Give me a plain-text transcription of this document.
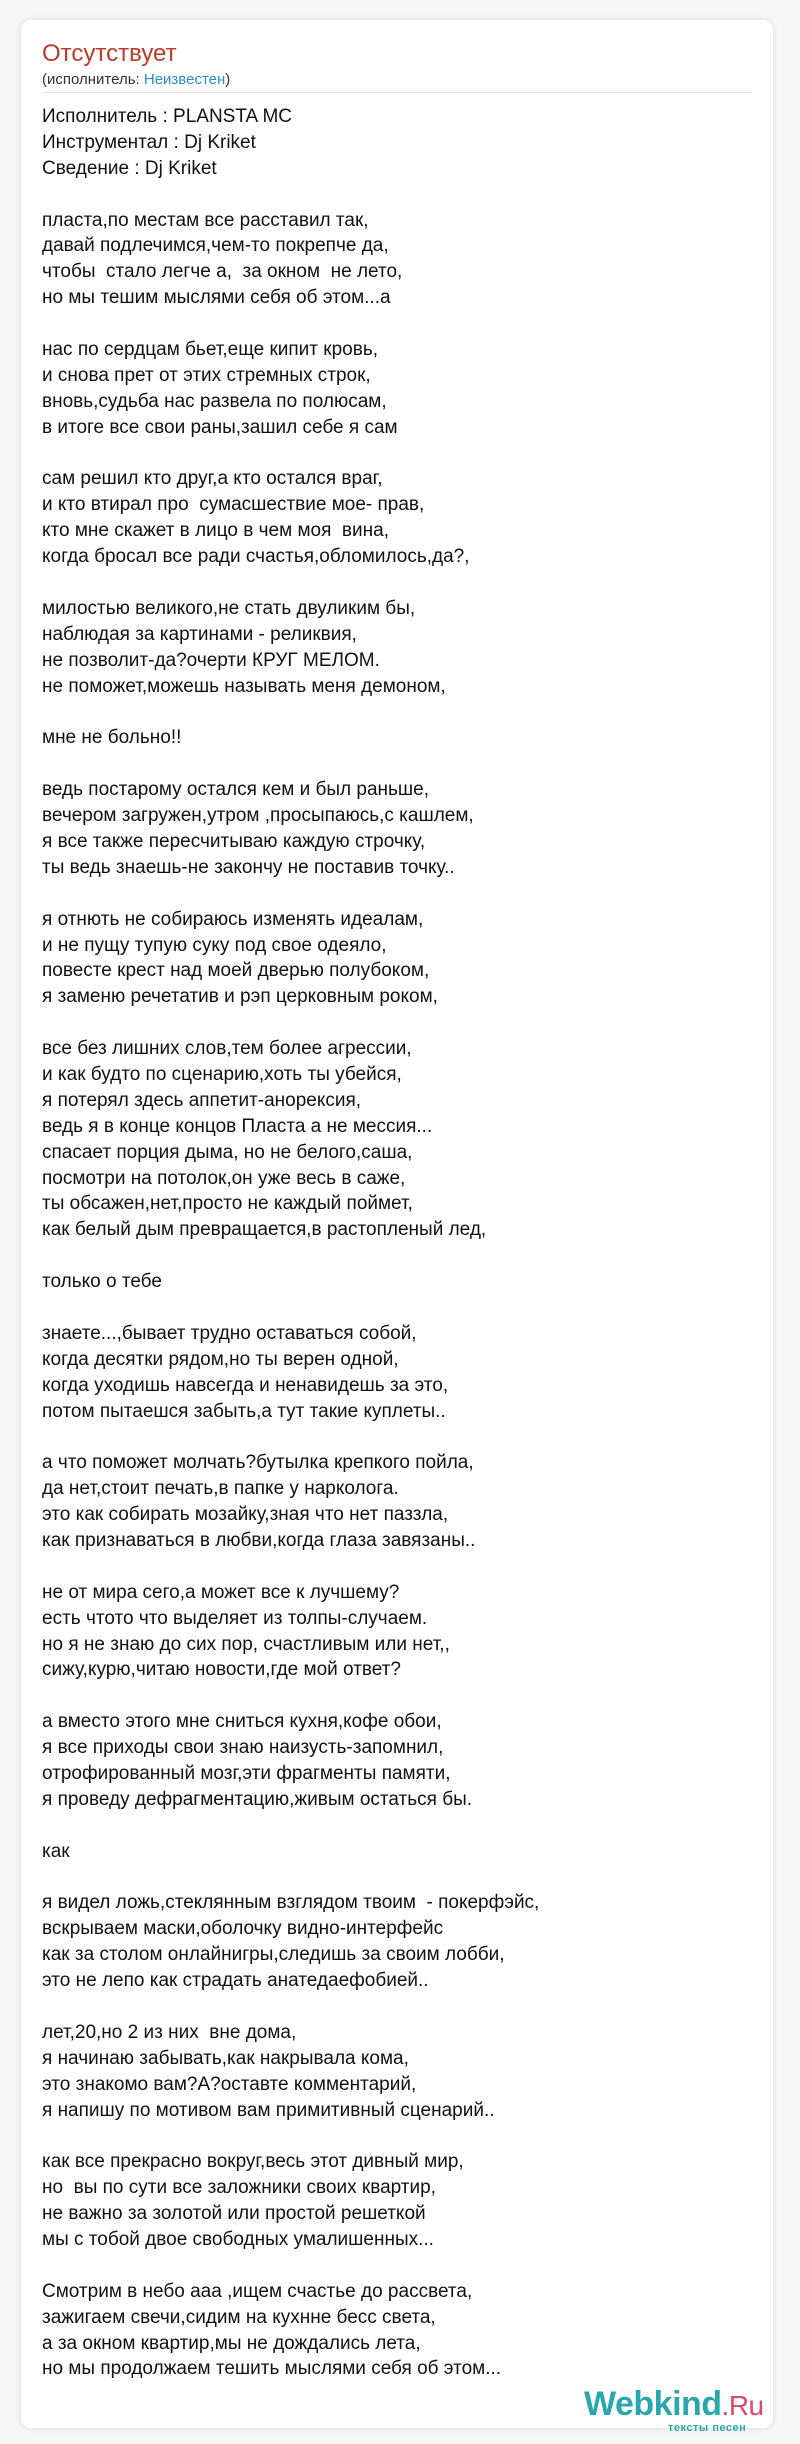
Отсутствует
(исполнитель: Неизвестен)
Исполнитель : PLANSTA MC
Инструментал : Dj Kriket
Сведение : Dj Kriket
пласта,по местам все расставил так,
давай подлечимся,чем-то покрепче да,
чтобы  стало легче а,  за окном  не лето,
но мы тешим мыслями себя об этом...а
нас по сердцам бьет,еще кипит кровь,
и снова прет от этих стремных строк,
вновь,судьба нас развела по полюсам,
в итоге все свои раны,зашил себе я сам
сам решил кто друг,а кто остался враг,
и кто втирал про  сумасшествие мое- прав,
кто мне скажет в лицо в чем моя  вина,
когда бросал все ради счастья,обломилось,да?,
милостью великого,не стать двуликим бы,
наблюдая за картинами - реликвия,
не позволит-да?очерти КРУГ МЕЛОМ.
не поможет,можешь называть меня демоном,
мне не больно!!
ведь постарому остался кем и был раньше,
вечером загружен,утром ,просыпаюсь,с кашлем,
я все также пересчитываю каждую строчку,
ты ведь знаешь-не закончу не поставив точку..
я отнють не собираюсь изменять идеалам,
и не пущу тупую суку под свое одеяло,
повесте крест над моей дверью полубоком,
я заменю речетатив и рэп церковным роком,
все без лишних слов,тем более агрессии,
и как будто по сценарию,хоть ты убейся,
я потерял здесь аппетит-анорексия,
ведь я в конце концов Пласта а не мессия...
спасает порция дыма, но не белого,саша,
посмотри на потолок,он уже весь в саже,
ты обсажен,нет,просто не каждый поймет,
как белый дым превращается,в растопленый лед,
только о тебе
знаете...,бывает трудно оставаться собой,
когда десятки рядом,но ты верен одной,
когда уходишь навсегда и ненавидешь за это,
потом пытаешся забыть,а тут такие куплеты..
а что поможет молчать?бутылка крепкого пойла,
да нет,стоит печать,в папке у нарколога.
это как собирать мозайку,зная что нет паззла,
как признаваться в любви,когда глаза завязаны..
не от мира сего,а может все к лучшему?
есть чтото что выделяет из толпы-случаем.
но я не знаю до сих пор, счастливым или нет,,
сижу,курю,читаю новости,где мой ответ?
а вместо этого мне сниться кухня,кофе обои,
я все приходы свои знаю наизусть-запомнил,
отрофированный мозг,эти фрагменты памяти,
я проведу дефрагментацию,живым остаться бы.
как
я видел ложь,стеклянным взглядом твоим  - покерфэйс,
вскрываем маски,оболочку видно-интерфейс
как за столом онлайнигры,следишь за своим лобби,
это не лепо как страдать анатедаефобией..
лет,20,но 2 из них  вне дома,
я начинаю забывать,как накрывала кома,
это знакомо вам?А?оставте комментарий,
я напишу по мотивом вам примитивный сценарий..
как все прекрасно вокруг,весь этот дивный мир,
но  вы по сути все заложники своих квартир,
не важно за золотой или простой решеткой
мы с тобой двое свободных умалишенных...
Смотрим в небо ааа ,ищем счастье до рассвета,
зажигаем свечи,сидим на кухнне бесс света,
а за окном квартир,мы не дождались лета,
но мы продолжаем тешить мыслями себя об этом...
Webkind.Ru
тексты песен
